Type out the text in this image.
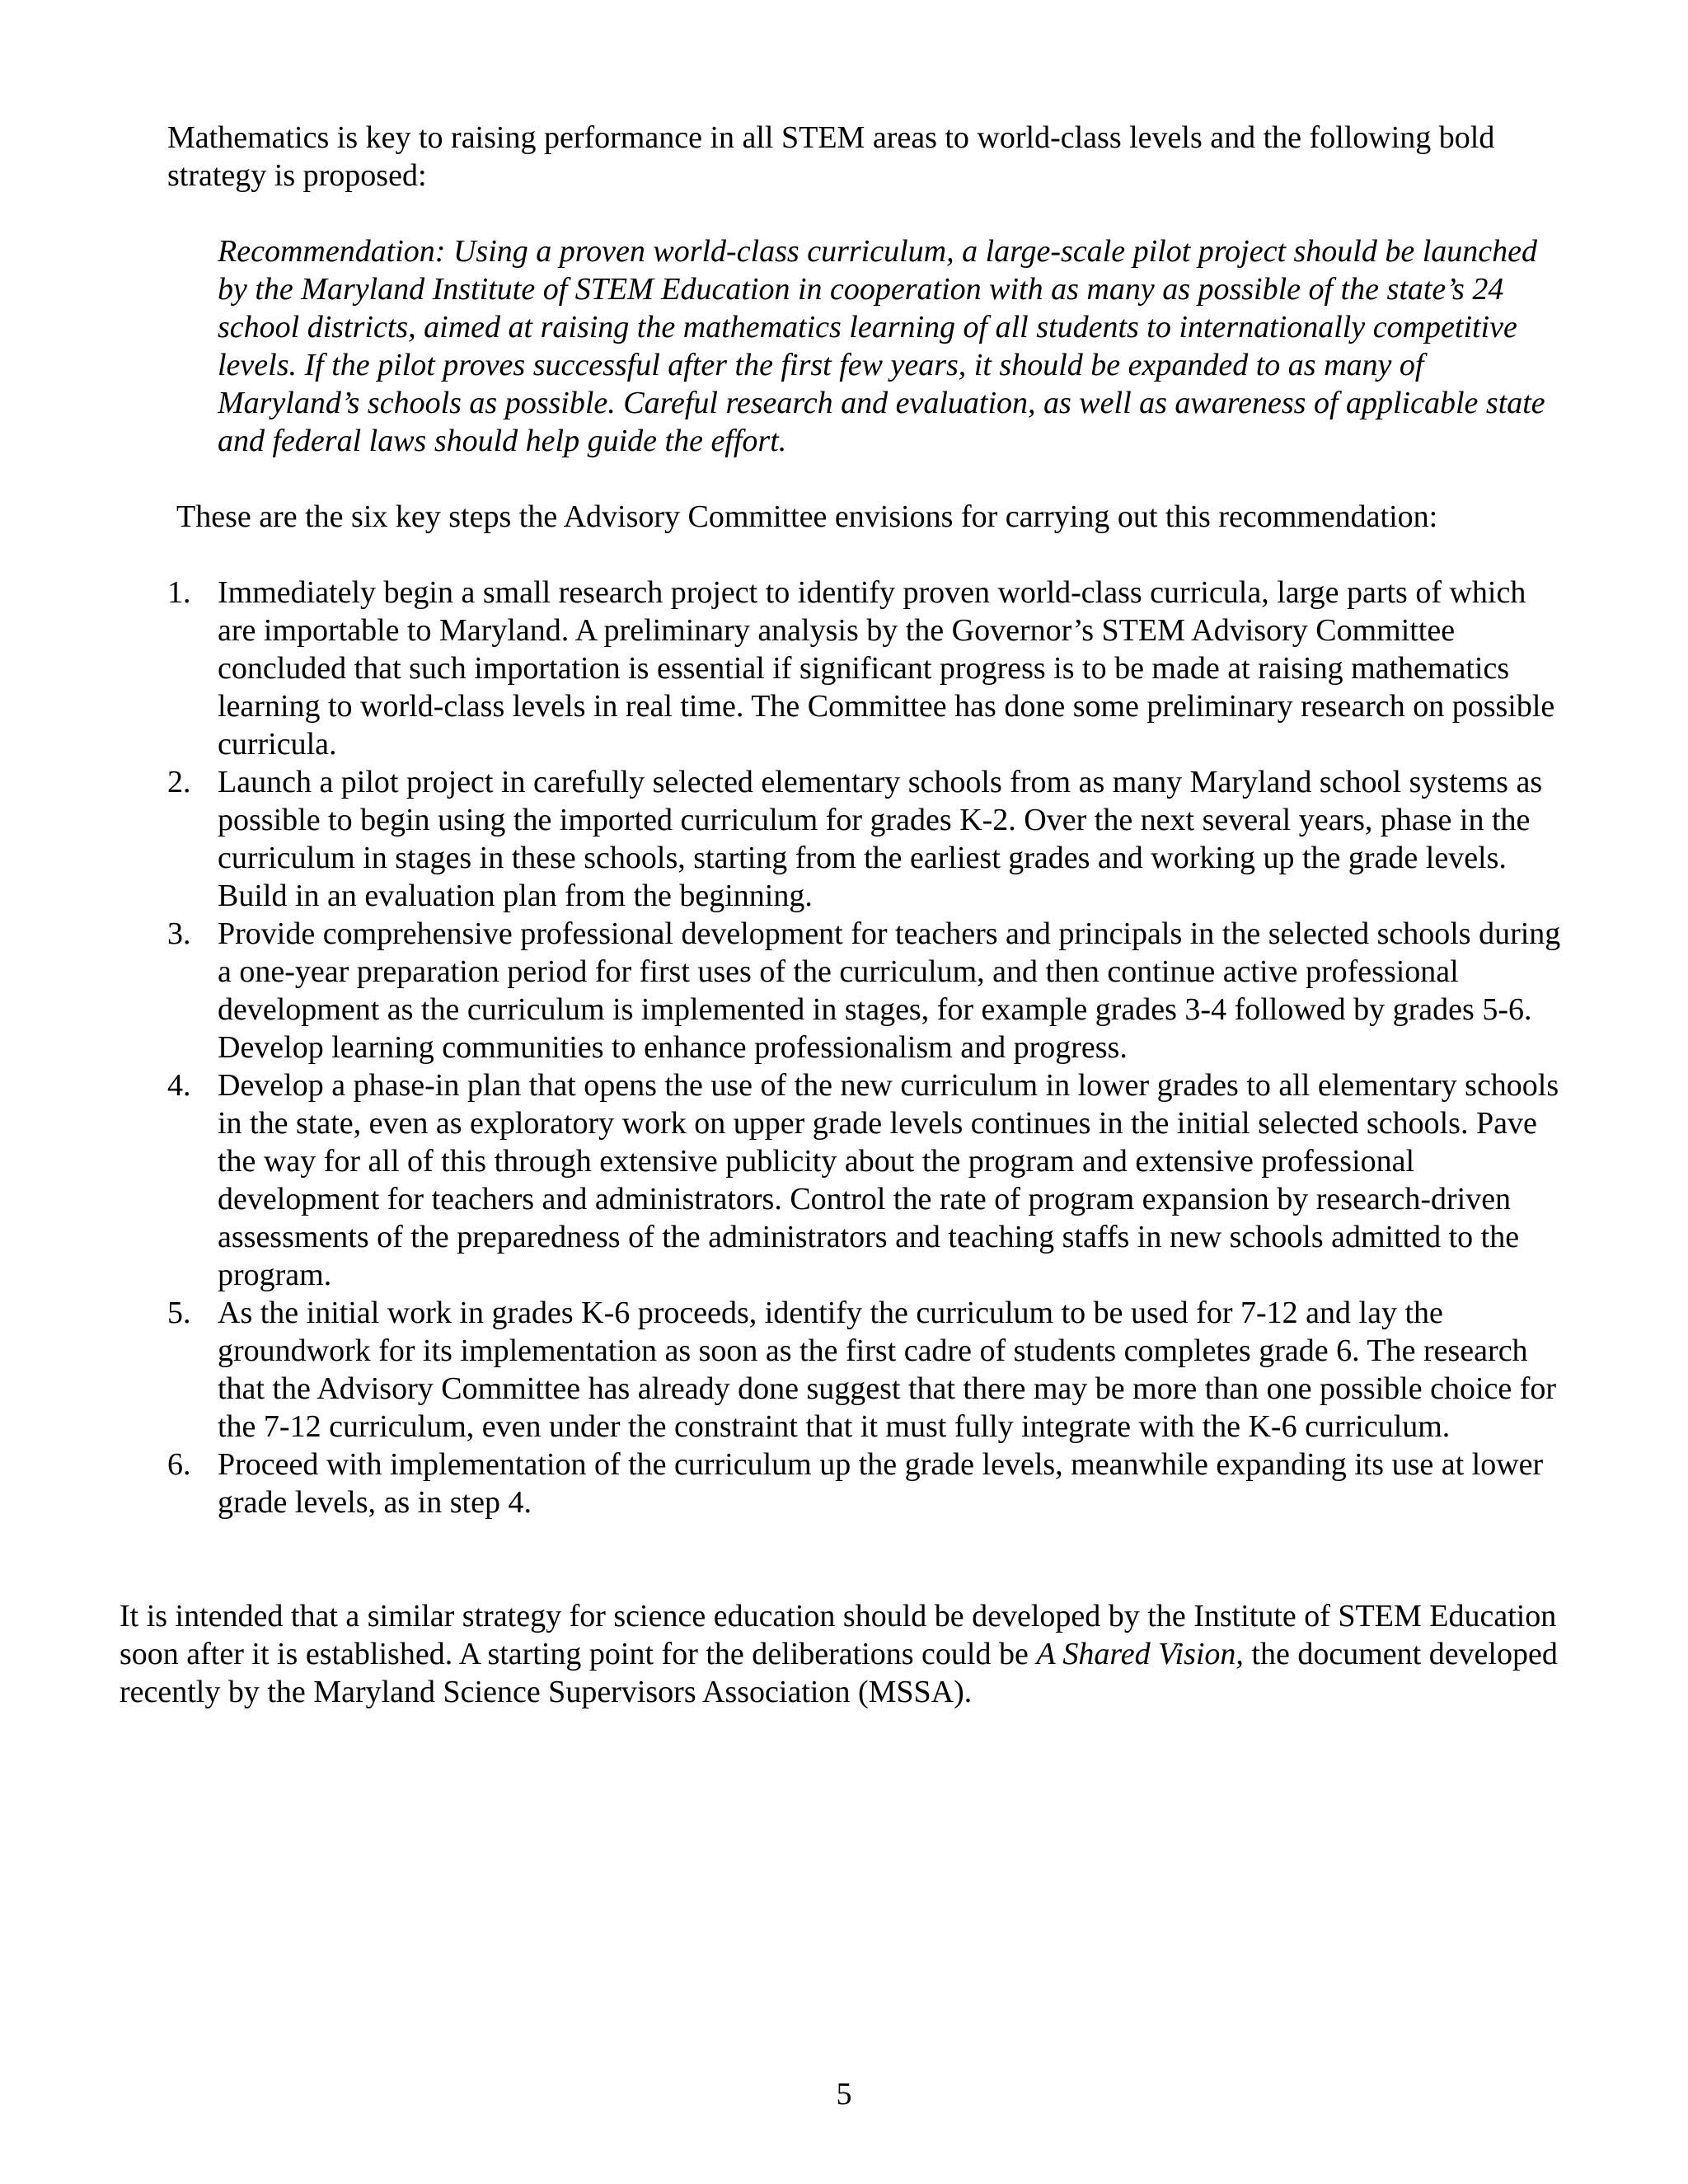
Mathematics is key to raising performance in all STEM areas to world-class levels and the following bold strategy is proposed:

Recommendation: Using a proven world-class curriculum, a large-scale pilot project should be launched by the Maryland Institute of STEM Education in cooperation with as many as possible of the state’s 24 school districts, aimed at raising the mathematics learning of all students to internationally competitive levels. If the pilot proves successful after the first few years, it should be expanded to as many of Maryland’s schools as possible. Careful research and evaluation, as well as awareness of applicable state and federal laws should help guide the effort.

These are the six key steps the Advisory Committee envisions for carrying out this recommendation:

1. Immediately begin a small research project to identify proven world-class curricula, large parts of which are importable to Maryland. A preliminary analysis by the Governor’s STEM Advisory Committee concluded that such importation is essential if significant progress is to be made at raising mathematics learning to world-class levels in real time. The Committee has done some preliminary research on possible curricula.
2. Launch a pilot project in carefully selected elementary schools from as many Maryland school systems as possible to begin using the imported curriculum for grades K-2. Over the next several years, phase in the curriculum in stages in these schools, starting from the earliest grades and working up the grade levels. Build in an evaluation plan from the beginning.
3. Provide comprehensive professional development for teachers and principals in the selected schools during a one-year preparation period for first uses of the curriculum, and then continue active professional development as the curriculum is implemented in stages, for example grades 3-4 followed by grades 5-6. Develop learning communities to enhance professionalism and progress.
4. Develop a phase-in plan that opens the use of the new curriculum in lower grades to all elementary schools in the state, even as exploratory work on upper grade levels continues in the initial selected schools. Pave the way for all of this through extensive publicity about the program and extensive professional development for teachers and administrators. Control the rate of program expansion by research-driven assessments of the preparedness of the administrators and teaching staffs in new schools admitted to the program.
5. As the initial work in grades K-6 proceeds, identify the curriculum to be used for 7-12 and lay the groundwork for its implementation as soon as the first cadre of students completes grade 6. The research that the Advisory Committee has already done suggest that there may be more than one possible choice for the 7-12 curriculum, even under the constraint that it must fully integrate with the K-6 curriculum.
6. Proceed with implementation of the curriculum up the grade levels, meanwhile expanding its use at lower grade levels, as in step 4.

It is intended that a similar strategy for science education should be developed by the Institute of STEM Education soon after it is established. A starting point for the deliberations could be A Shared Vision, the document developed recently by the Maryland Science Supervisors Association (MSSA).

5
